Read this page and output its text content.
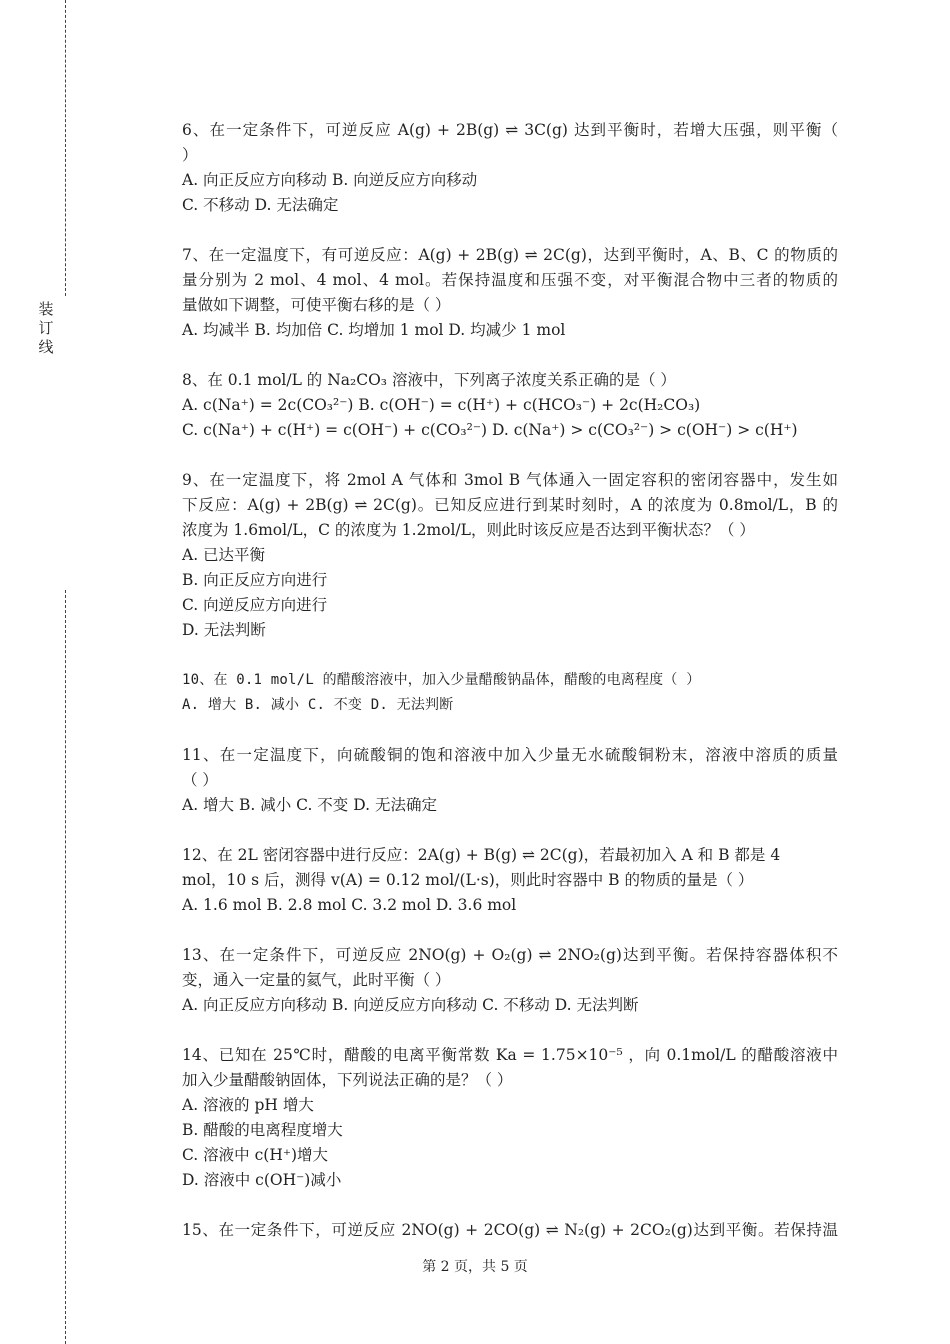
装
订
线
6、在一定条件下，可逆反应 A(g) + 2B(g) ⇌ 3C(g) 达到平衡时，若增大压强，则平衡（
）
A. 向正反应方向移动 B. 向逆反应方向移动
C. 不移动 D. 无法确定
7、在一定温度下，有可逆反应：A(g) + 2B(g) ⇌ 2C(g)，达到平衡时，A、B、C 的物质的
量分别为 2 mol、4 mol、4 mol。若保持温度和压强不变，对平衡混合物中三者的物质的
量做如下调整，可使平衡右移的是（ ）
A. 均减半 B. 均加倍 C. 均增加 1 mol D. 均减少 1 mol
8、在 0.1 mol/L 的 Na₂CO₃ 溶液中，下列离子浓度关系正确的是（ ）
A. c(Na⁺) = 2c(CO₃²⁻) B. c(OH⁻) = c(H⁺) + c(HCO₃⁻) + 2c(H₂CO₃)
C. c(Na⁺) + c(H⁺) = c(OH⁻) + c(CO₃²⁻) D. c(Na⁺) > c(CO₃²⁻) > c(OH⁻) > c(H⁺)
9、在一定温度下，将 2mol A 气体和 3mol B 气体通入一固定容积的密闭容器中，发生如
下反应：A(g) + 2B(g) ⇌ 2C(g)。已知反应进行到某时刻时，A 的浓度为 0.8mol/L，B 的
浓度为 1.6mol/L，C 的浓度为 1.2mol/L，则此时该反应是否达到平衡状态？（ ）
A. 已达平衡
B. 向正反应方向进行
C. 向逆反应方向进行
D. 无法判断
10、在 0.1 mol/L 的醋酸溶液中，加入少量醋酸钠晶体，醋酸的电离程度（ ）
A. 增大 B. 减小 C. 不变 D. 无法判断
11、在一定温度下，向硫酸铜的饱和溶液中加入少量无水硫酸铜粉末，溶液中溶质的质量
（ ）
A. 增大 B. 减小 C. 不变 D. 无法确定
12、在 2L 密闭容器中进行反应：2A(g) + B(g) ⇌ 2C(g)，若最初加入 A 和 B 都是 4
mol，10 s 后，测得 v(A) = 0.12 mol/(L·s)，则此时容器中 B 的物质的量是（ ）
A. 1.6 mol B. 2.8 mol C. 3.2 mol D. 3.6 mol
13、在一定条件下，可逆反应 2NO(g) + O₂(g) ⇌ 2NO₂(g)达到平衡。若保持容器体积不
变，通入一定量的氦气，此时平衡（ ）
A. 向正反应方向移动 B. 向逆反应方向移动 C. 不移动 D. 无法判断
14、已知在 25℃时，醋酸的电离平衡常数 Ka = 1.75×10⁻⁵ ，向 0.1mol/L 的醋酸溶液中
加入少量醋酸钠固体，下列说法正确的是？（ ）
A. 溶液的 pH 增大
B. 醋酸的电离程度增大
C. 溶液中 c(H⁺)增大
D. 溶液中 c(OH⁻)减小
15、在一定条件下，可逆反应 2NO(g) + 2CO(g) ⇌ N₂(g) + 2CO₂(g)达到平衡。若保持温
第 2 页，共 5 页
